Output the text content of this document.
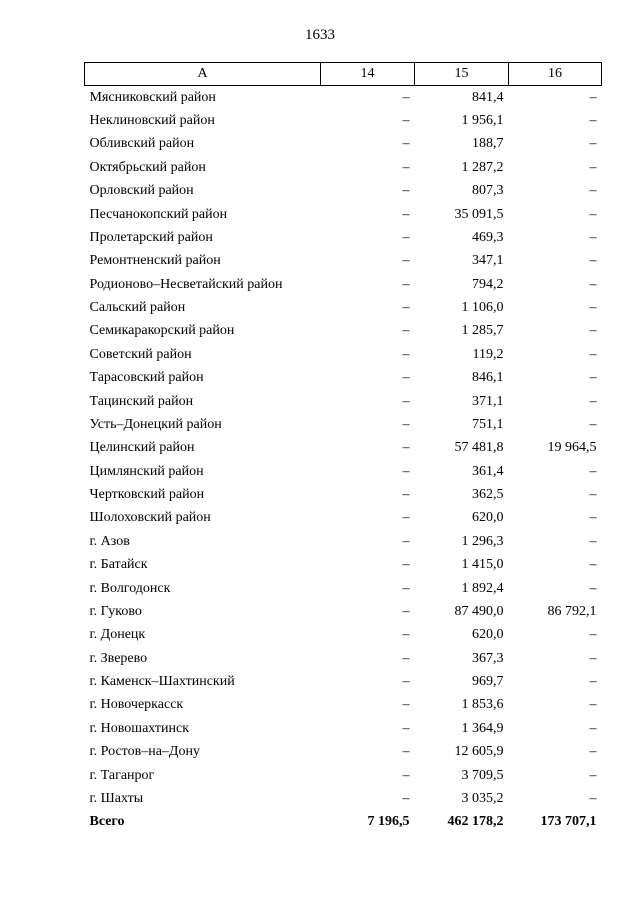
1633
A	14	15	16
Мясниковский район	–	841,4	–
Неклиновский район	–	1 956,1	–
Обливский район	–	188,7	–
Октябрьский район	–	1 287,2	–
Орловский район	–	807,3	–
Песчанокопский район	–	35 091,5	–
Пролетарский район	–	469,3	–
Ремонтненский район	–	347,1	–
Родионово–Несветайский район	–	794,2	–
Сальский район	–	1 106,0	–
Семикаракорский район	–	1 285,7	–
Советский район	–	119,2	–
Тарасовский район	–	846,1	–
Тацинский район	–	371,1	–
Усть–Донецкий район	–	751,1	–
Целинский район	–	57 481,8	19 964,5
Цимлянский район	–	361,4	–
Чертковский район	–	362,5	–
Шолоховский район	–	620,0	–
г. Азов	–	1 296,3	–
г. Батайск	–	1 415,0	–
г. Волгодонск	–	1 892,4	–
г. Гуково	–	87 490,0	86 792,1
г. Донецк	–	620,0	–
г. Зверево	–	367,3	–
г. Каменск–Шахтинский	–	969,7	–
г. Новочеркасск	–	1 853,6	–
г. Новошахтинск	–	1 364,9	–
г. Ростов–на–Дону	–	12 605,9	–
г. Таганрог	–	3 709,5	–
г. Шахты	–	3 035,2	–
Всего	7 196,5	462 178,2	173 707,1
